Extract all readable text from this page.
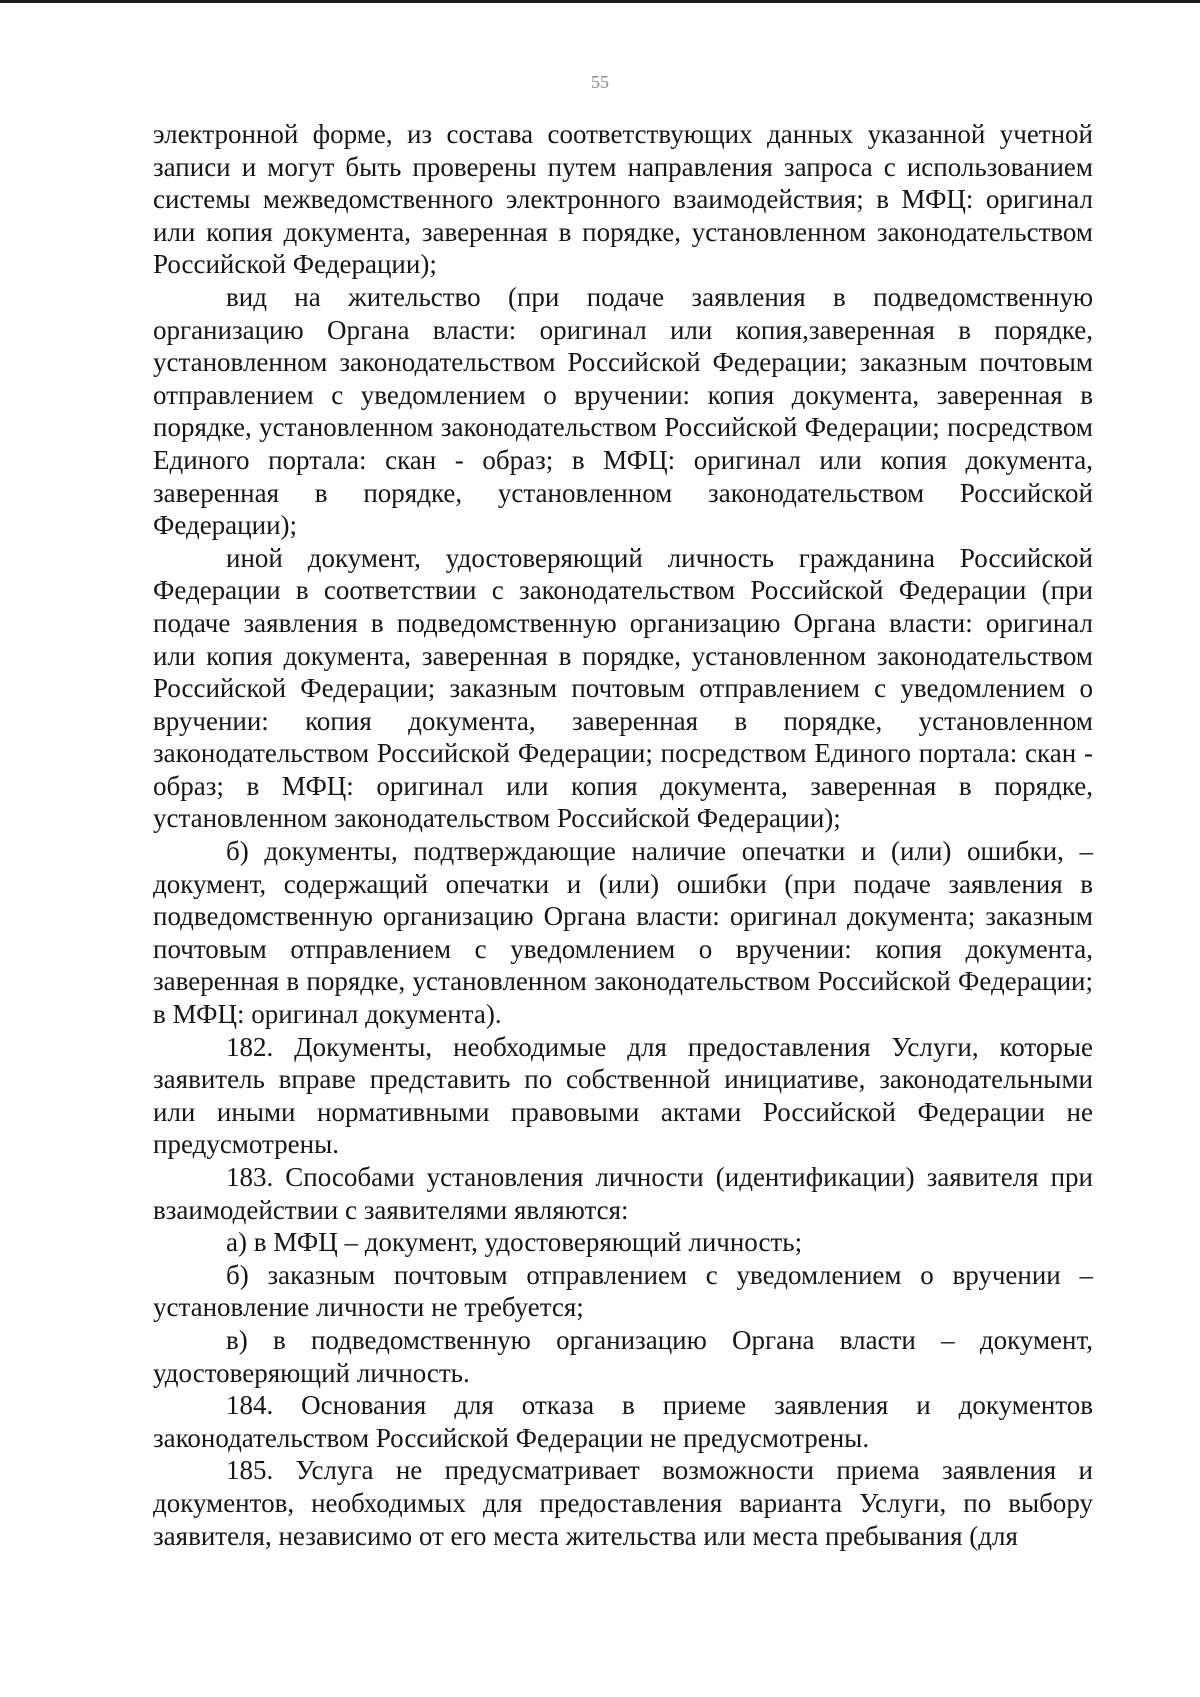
55

электронной форме, из состава соответствующих данных указанной учетной записи и могут быть проверены путем направления запроса с использованием системы межведомственного электронного взаимодействия; в МФЦ: оригинал или копия документа, заверенная в порядке, установленном законодательством Российской Федерации);

вид на жительство (при подаче заявления в подведомственную организацию Органа власти: оригинал или копия,заверенная в порядке, установленном законодательством Российской Федерации; заказным почтовым отправлением с уведомлением о вручении: копия документа, заверенная в порядке, установленном законодательством Российской Федерации; посредством Единого портала: скан - образ; в МФЦ: оригинал или копия документа, заверенная в порядке, установленном законодательством Российской Федерации);

иной документ, удостоверяющий личность гражданина Российской Федерации в соответствии с законодательством Российской Федерации (при подаче заявления в подведомственную организацию Органа власти: оригинал или копия документа, заверенная в порядке, установленном законодательством Российской Федерации; заказным почтовым отправлением с уведомлением о вручении: копия документа, заверенная в порядке, установленном законодательством Российской Федерации; посредством Единого портала: скан - образ; в МФЦ: оригинал или копия документа, заверенная в порядке, установленном законодательством Российской Федерации);

б) документы, подтверждающие наличие опечатки и (или) ошибки, – документ, содержащий опечатки и (или) ошибки (при подаче заявления в подведомственную организацию Органа власти: оригинал документа; заказным почтовым отправлением с уведомлением о вручении: копия документа, заверенная в порядке, установленном законодательством Российской Федерации; в МФЦ: оригинал документа).

182. Документы, необходимые для предоставления Услуги, которые заявитель вправе представить по собственной инициативе, законодательными или иными нормативными правовыми актами Российской Федерации не предусмотрены.

183. Способами установления личности (идентификации) заявителя при взаимодействии с заявителями являются:

а) в МФЦ – документ, удостоверяющий личность;

б) заказным почтовым отправлением с уведомлением о вручении – установление личности не требуется;

в) в подведомственную организацию Органа власти – документ, удостоверяющий личность.

184. Основания для отказа в приеме заявления и документов законодательством Российской Федерации не предусмотрены.

185. Услуга не предусматривает возможности приема заявления и документов, необходимых для предоставления варианта Услуги, по выбору заявителя, независимо от его места жительства или места пребывания (для
